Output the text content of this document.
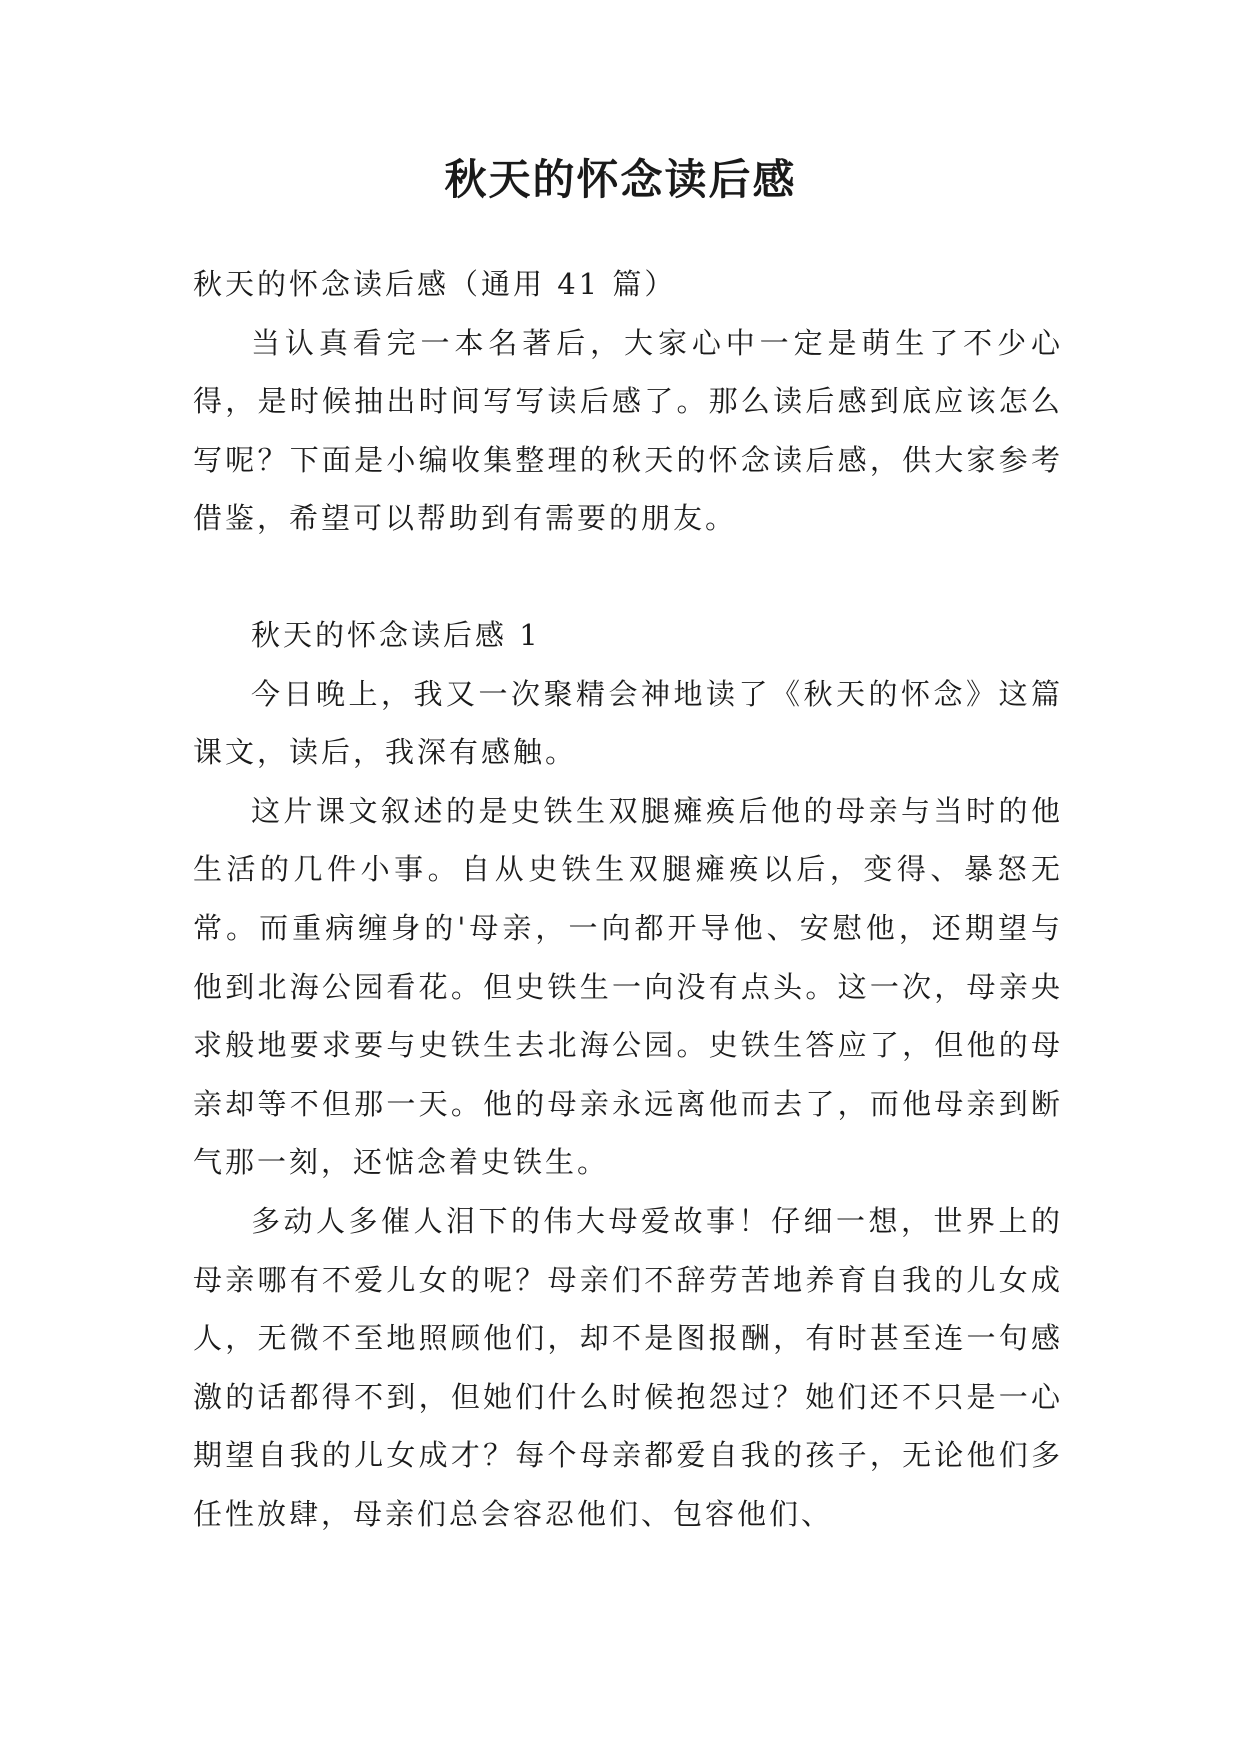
秋天的怀念读后感

秋天的怀念读后感（通用 41 篇）

当认真看完一本名著后，大家心中一定是萌生了不少心得，是时候抽出时间写写读后感了。那么读后感到底应该怎么写呢？下面是小编收集整理的秋天的怀念读后感，供大家参考借鉴，希望可以帮助到有需要的朋友。

秋天的怀念读后感 1

今日晚上，我又一次聚精会神地读了《秋天的怀念》这篇课文，读后，我深有感触。

这片课文叙述的是史铁生双腿瘫痪后他的母亲与当时的他生活的几件小事。自从史铁生双腿瘫痪以后，变得、暴怒无常。而重病缠身的'母亲，一向都开导他、安慰他，还期望与他到北海公园看花。但史铁生一向没有点头。这一次，母亲央求般地要求要与史铁生去北海公园。史铁生答应了，但他的母亲却等不但那一天。他的母亲永远离他而去了，而他母亲到断气那一刻，还惦念着史铁生。

多动人多催人泪下的伟大母爱故事！仔细一想，世界上的母亲哪有不爱儿女的呢？母亲们不辞劳苦地养育自我的儿女成人，无微不至地照顾他们，却不是图报酬，有时甚至连一句感激的话都得不到，但她们什么时候抱怨过？她们还不只是一心期望自我的儿女成才？每个母亲都爱自我的孩子，无论他们多任性放肆，母亲们总会容忍他们、包容他们、
